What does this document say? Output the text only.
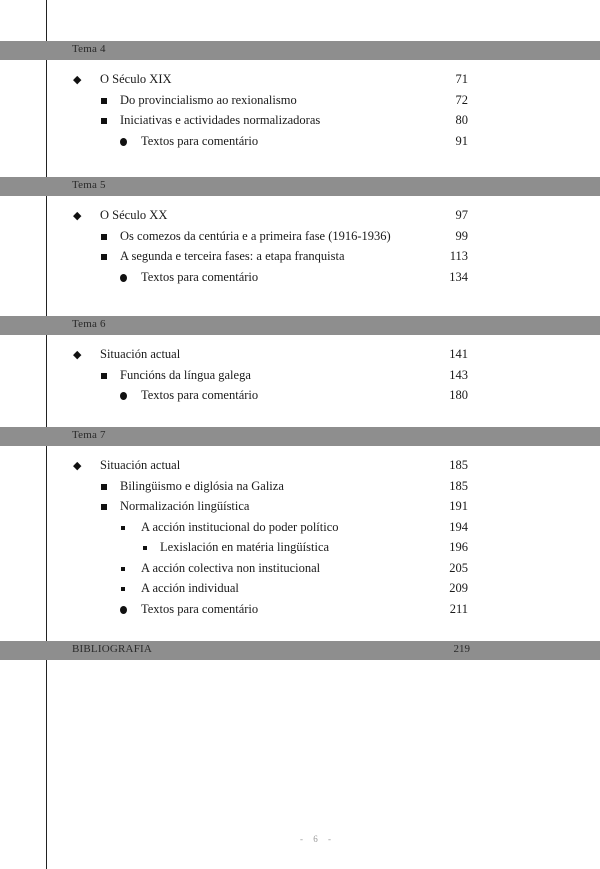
Tema 4
◆ O Século XIX	71
Do provincialismo ao rexionalismo	72
Iniciativas e actividades normalizadoras	80
Textos para comentário	91
Tema 5
◆ O Século XX	97
Os comezos da centúria e a primeira fase (1916-1936)	99
A segunda e terceira fases: a etapa franquista	113
Textos para comentário	134
Tema 6
◆ Situación actual	141
Funcións da língua galega	143
Textos para comentário	180
Tema 7
◆ Situación actual	185
Bilingüismo e diglósia na Galiza	185
Normalización lingüística	191
A acción institucional do poder político	194
Lexislación en matéria lingüística	196
A acción colectiva non institucional	205
A acción individual	209
Textos para comentário	211
BIBLIOGRAFIA	219
- 6 -
